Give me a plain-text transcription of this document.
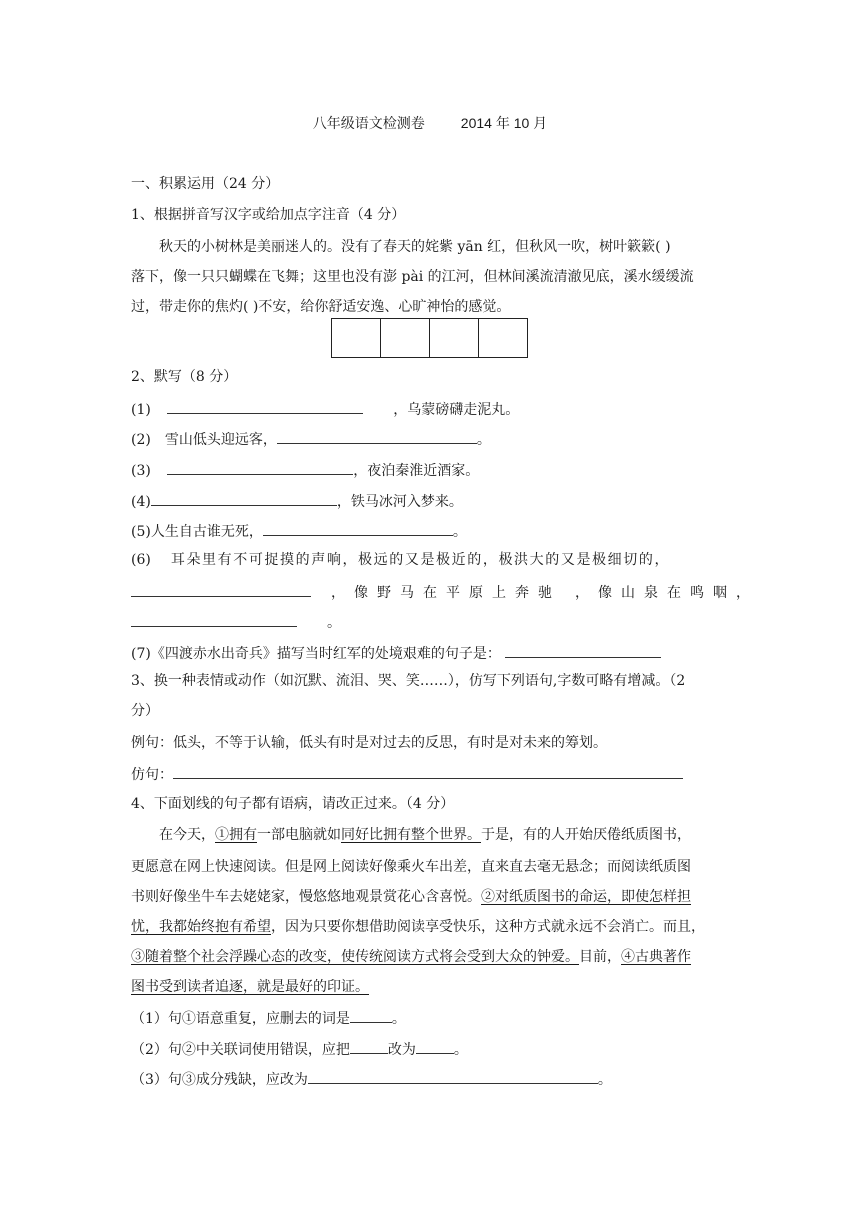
八年级语文检测卷	2014 年 10 月
一、积累运用（24 分）
1、根据拼音写汉字或给加点字注音（4 分）
秋天的小树林是美丽迷人的。没有了春天的姹紫 yān 红，但秋风一吹，树叶簌簌( )
落下，像一只只蝴蝶在飞舞；这里也没有澎 pài 的江河，但林间溪流清澈见底，溪水缓缓流
过，带走你的焦灼( )不安，给你舒适安逸、心旷神怡的感觉。

2、默写（8 分）
(1)	，乌蒙磅礴走泥丸。
(2) 雪山低头迎远客，	。
(3)	，夜泊秦淮近酒家。
(4)	，铁马冰河入梦来。
(5)人生自古谁无死，	。
(6) 耳朵里有不可捉摸的声响，极远的又是极近的，极洪大的又是极细切的，
，像野马在平原上奔驰 ，像山泉在鸣咽，
。
(7)《四渡赤水出奇兵》描写当时红军的处境艰难的句子是：
3、换一种表情或动作（如沉默、流泪、哭、笑……），仿写下列语句,字数可略有增减。（2
分）
例句：低头，不等于认输，低头有时是对过去的反思，有时是对未来的筹划。
仿句：
4、下面划线的句子都有语病，请改正过来。（4 分）
在今天，①拥有一部电脑就如同好比拥有整个世界。于是，有的人开始厌倦纸质图书，
更愿意在网上快速阅读。但是网上阅读好像乘火车出差，直来直去毫无悬念；而阅读纸质图
书则好像坐牛车去姥姥家，慢悠悠地观景赏花心含喜悦。②对纸质图书的命运，即使怎样担
忧，我都始终抱有希望，因为只要你想借助阅读享受快乐，这种方式就永远不会消亡。而且，
③随着整个社会浮躁心态的改变，使传统阅读方式将会受到大众的钟爱。目前，④古典著作
图书受到读者追逐，就是最好的印证。
（1）句①语意重复，应删去的词是	。
（2）句②中关联词使用错误，应把	改为	。
（3）句③成分残缺，应改为	。
